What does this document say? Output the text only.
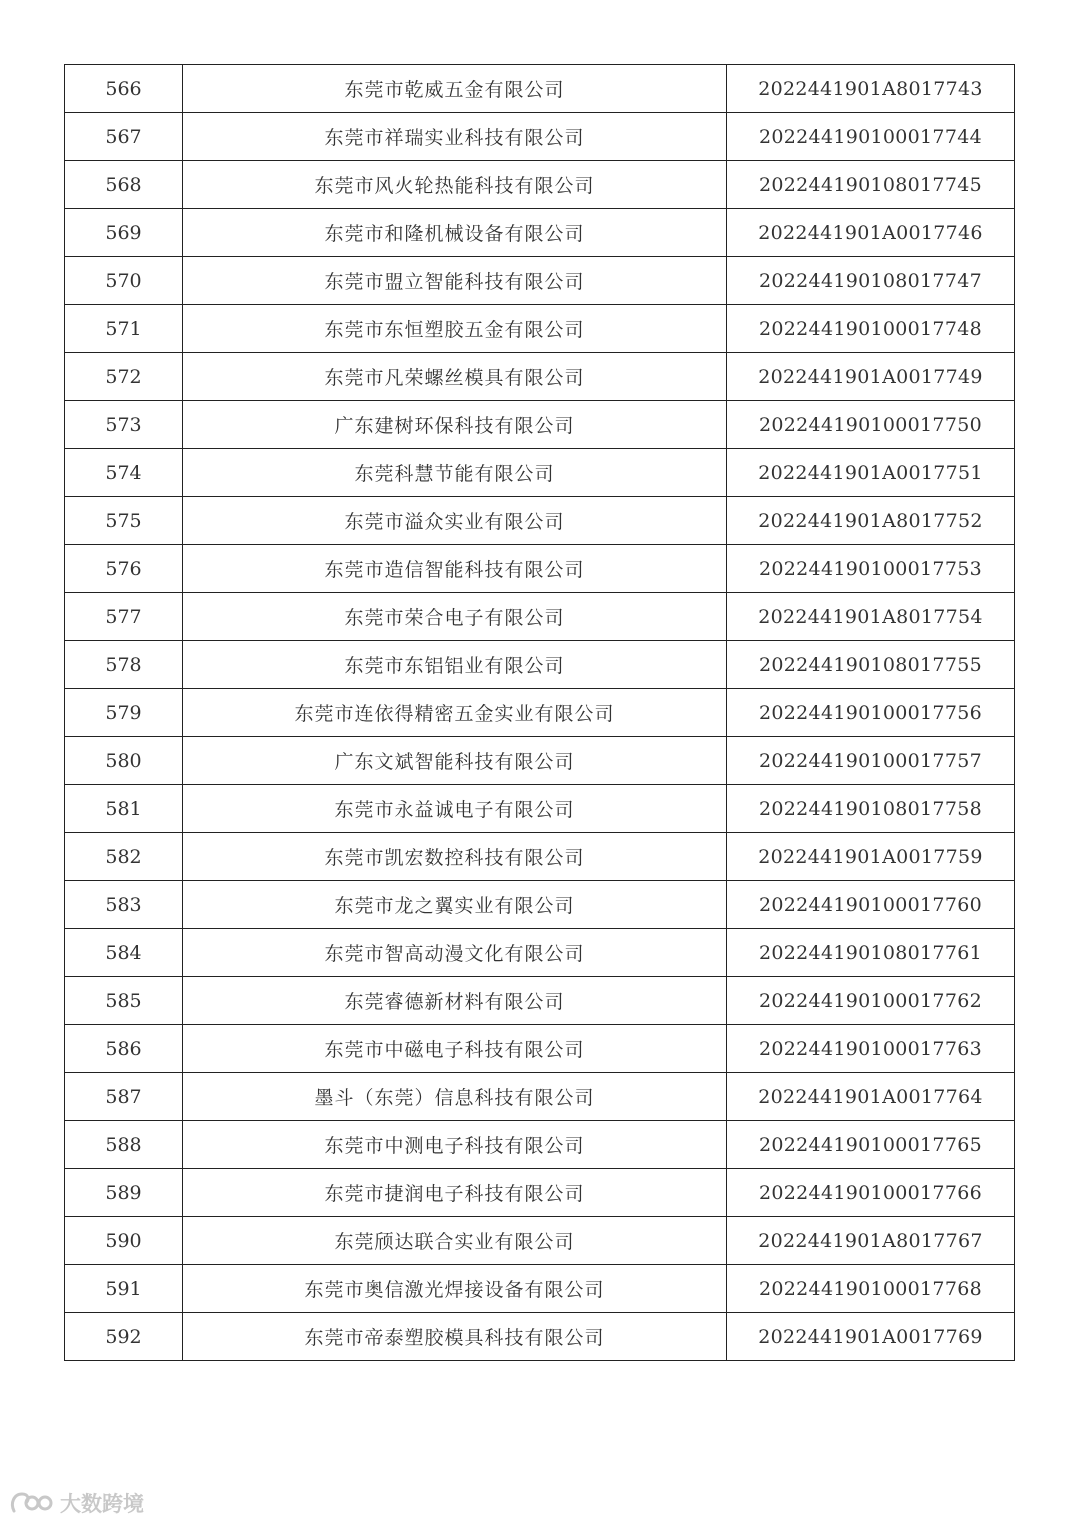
566	东莞市乾威五金有限公司	2022441901A8017743
567	东莞市祥瑞实业科技有限公司	20224419010001774​4
568	东莞市风火轮热能科技有限公司	202244190108017745
569	东莞市和隆机械设备有限公司	2022441901A0017746
570	东莞市盟立智能科技有限公司	202244190108017747
571	东莞市东恒塑胶五金有限公司	202244190100017748
572	东莞市凡荣螺丝模具有限公司	2022441901A0017749
573	广东建树环保科技有限公司	202244190100017750
574	东莞科慧节能有限公司	2022441901A0017751
575	东莞市溢众实业有限公司	2022441901A8017752
576	东莞市造信智能科技有限公司	202244190100017753
577	东莞市荣合电子有限公司	2022441901A8017754
578	东莞市东铝铝业有限公司	202244190108017755
579	东莞市连依得精密五金实业有限公司	202244190100017756
580	广东文斌智能科技有限公司	202244190100017757
581	东莞市永益诚电子有限公司	202244190108017758
582	东莞市凯宏数控科技有限公司	2022441901A0017759
583	东莞市龙之翼实业有限公司	202244190100017760
584	东莞市智高动漫文化有限公司	202244190108017761
585	东莞睿德新材料有限公司	202244190100017762
586	东莞市中磁电子科技有限公司	202244190100017763
587	墨斗（东莞）信息科技有限公司	2022441901A0017764
588	东莞市中测电子科技有限公司	202244190100017765
589	东莞市捷润电子科技有限公司	202244190100017766
590	东莞颀达联合实业有限公司	2022441901A8017767
591	东莞市奥信激光焊接设备有限公司	202244190100017768
592	东莞市帝泰塑胶模具科技有限公司	2022441901A0017769
大数跨境
